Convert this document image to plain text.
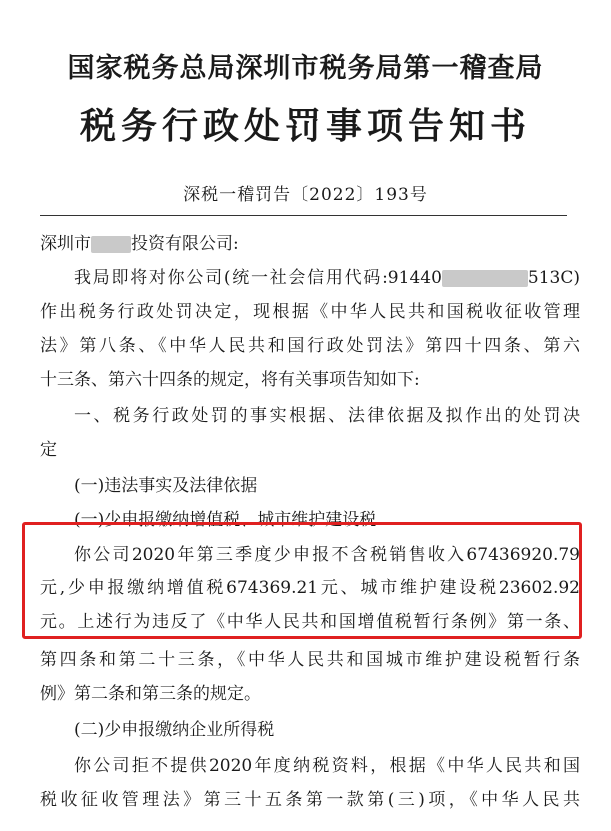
国家税务总局深圳市税务局第一稽查局
税务行政处罚事项告知书
深税一稽罚告〔2022〕193号
深圳市 投资有限公司:
我局即将对你公司(统一社会信用代码:91440	513C)
作出税务行政处罚决定，现根据《中华人民共和国税收征收管理
法》第八条、《中华人民共和国行政处罚法》第四十四条、第六
十三条、第六十四条的规定，将有关事项告知如下:
一、税务行政处罚的事实根据、法律依据及拟作出的处罚决
定
(一)违法事实及法律依据
(一)少申报缴纳增值税、城市维护建设税
你公司2020年第三季度少申报不含税销售收入67436920.79
元,少申报缴纳增值税674369.21元、城市维护建设税23602.92
元。上述行为违反了《中华人民共和国增值税暂行条例》第一条、
第四条和第二十三条，《中华人民共和国城市维护建设税暂行条
例》第二条和第三条的规定。
(二)少申报缴纳企业所得税
你公司拒不提供2020年度纳税资料，根据《中华人民共和国
税收征收管理法》第三十五条第一款第(三)项，《中华人民共
